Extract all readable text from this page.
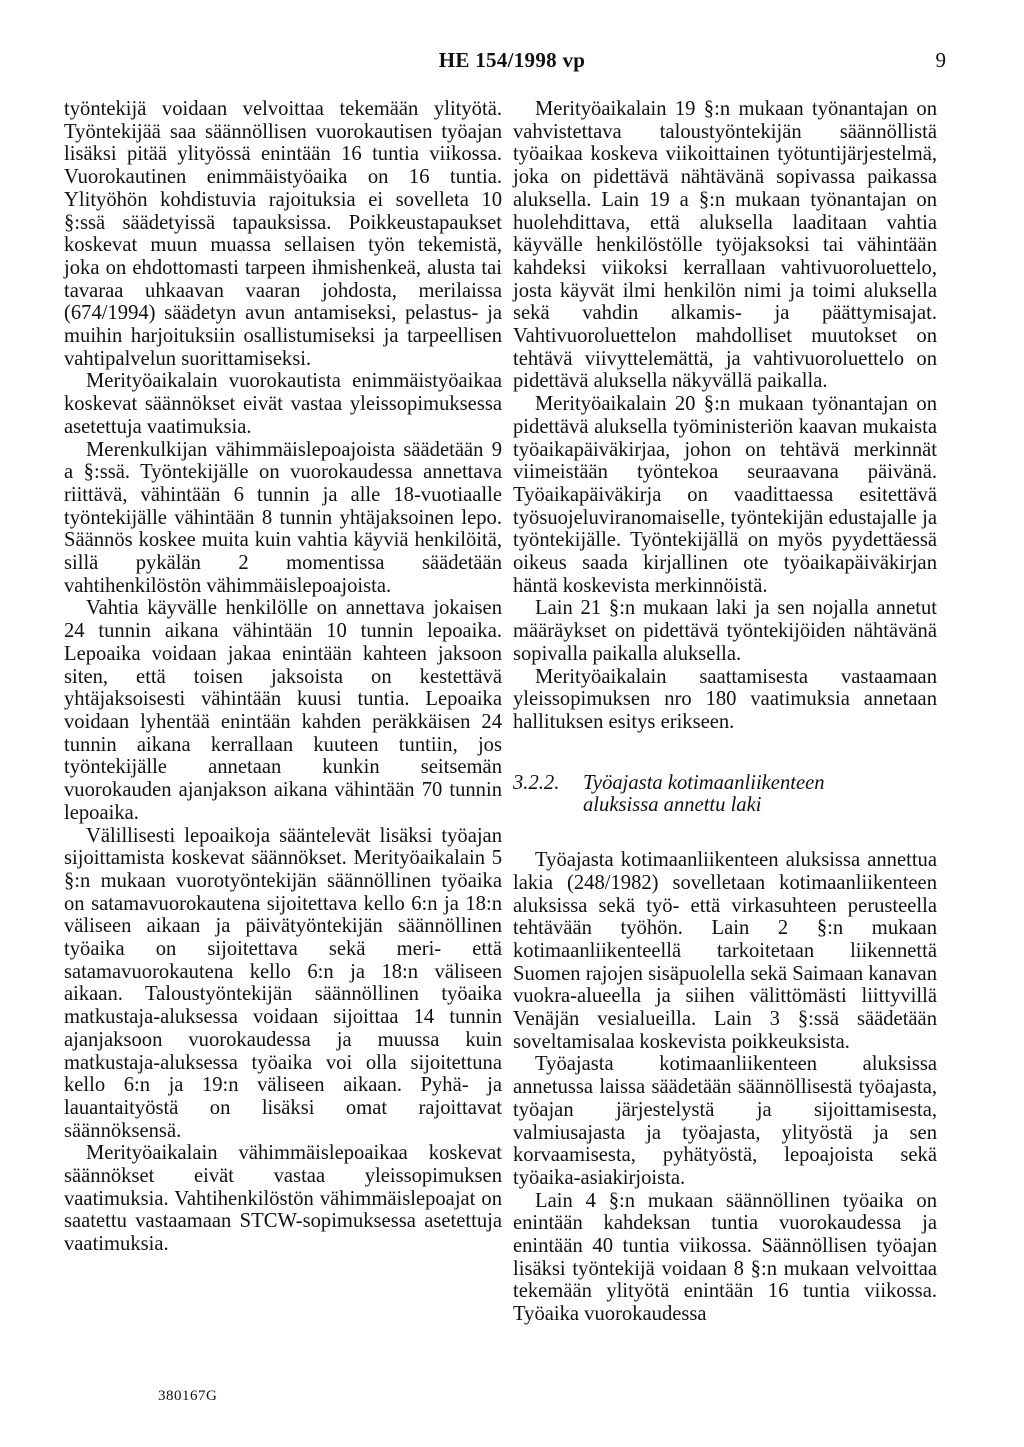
HE 154/1998 vp	9

työntekijä voidaan velvoittaa tekemään ylityötä. Työntekijää saa säännöllisen vuorokautisen työajan lisäksi pitää ylityössä enintään 16 tuntia viikossa. Vuorokautinen enimmäistyöaika on 16 tuntia. Ylityöhön kohdistuvia rajoituksia ei sovelleta 10 §:ssä säädetyissä tapauksissa. Poikkeustapaukset koskevat muun muassa sellaisen työn tekemistä, joka on ehdottomasti tarpeen ihmishenkeä, alusta tai tavaraa uhkaavan vaaran johdosta, merilaissa (674/1994) säädetyn avun antamiseksi, pelastus- ja muihin harjoituksiin osallistumiseksi ja tarpeellisen vahtipalvelun suorittamiseksi.

Merityöaikalain vuorokautista enimmäistyöaikaa koskevat säännökset eivät vastaa yleissopimuksessa asetettuja vaatimuksia.

Merenkulkijan vähimmäislepoajoista säädetään 9 a §:ssä. Työntekijälle on vuorokaudessa annettava riittävä, vähintään 6 tunnin ja alle 18-vuotiaalle työntekijälle vähintään 8 tunnin yhtäjaksoinen lepo. Säännös koskee muita kuin vahtia käyviä henkilöitä, sillä pykälän 2 momentissa säädetään vahtihenkilöstön vähimmäislepoajoista.

Vahtia käyvälle henkilölle on annettava jokaisen 24 tunnin aikana vähintään 10 tunnin lepoaika. Lepoaika voidaan jakaa enintään kahteen jaksoon siten, että toisen jaksoista on kestettävä yhtäjaksoisesti vähintään kuusi tuntia. Lepoaika voidaan lyhentää enintään kahden peräkkäisen 24 tunnin aikana kerrallaan kuuteen tuntiin, jos työntekijälle annetaan kunkin seitsemän vuorokauden ajanjakson aikana vähintään 70 tunnin lepoaika.

Välillisesti lepoaikoja sääntelevät lisäksi työajan sijoittamista koskevat säännökset. Merityöaikalain 5 §:n mukaan vuorotyöntekijän säännöllinen työaika on satamavuorokautena sijoitettava kello 6:n ja 18:n väliseen aikaan ja päivätyöntekijän säännöllinen työaika on sijoitettava sekä meri- että satamavuorokautena kello 6:n ja 18:n väliseen aikaan. Taloustyöntekijän säännöllinen työaika matkustaja-aluksessa voidaan sijoittaa 14 tunnin ajanjaksoon vuorokaudessa ja muussa kuin matkustaja-aluksessa työaika voi olla sijoitettuna kello 6:n ja 19:n väliseen aikaan. Pyhä- ja lauantaityöstä on lisäksi omat rajoittavat säännöksensä.

Merityöaikalain vähimmäislepoaikaa koskevat säännökset eivät vastaa yleissopimuksen vaatimuksia. Vahtihenkilöstön vähimmäislepoajat on saatettu vastaamaan STCW-sopimuksessa asetettuja vaatimuksia.

Merityöaikalain 19 §:n mukaan työnantajan on vahvistettava taloustyöntekijän säännöllistä työaikaa koskeva viikoittainen työtuntijärjestelmä, joka on pidettävä nähtävänä sopivassa paikassa aluksella. Lain 19 a §:n mukaan työnantajan on huolehdittava, että aluksella laaditaan vahtia käyvälle henkilöstölle työjaksoksi tai vähintään kahdeksi viikoksi kerrallaan vahtivuoroluettelo, josta käyvät ilmi henkilön nimi ja toimi aluksella sekä vahdin alkamis- ja päättymisajat. Vahtivuoroluettelon mahdolliset muutokset on tehtävä viivyttelemättä, ja vahtivuoroluettelo on pidettävä aluksella näkyvällä paikalla.

Merityöaikalain 20 §:n mukaan työnantajan on pidettävä aluksella työministeriön kaavan mukaista työaikapäiväkirjaa, johon on tehtävä merkinnät viimeistään työntekoa seuraavana päivänä. Työaikapäiväkirja on vaadittaessa esitettävä työsuojeluviranomaiselle, työntekijän edustajalle ja työntekijälle. Työntekijällä on myös pyydettäessä oikeus saada kirjallinen ote työaikapäiväkirjan häntä koskevista merkinnöistä.

Lain 21 §:n mukaan laki ja sen nojalla annetut määräykset on pidettävä työntekijöiden nähtävänä sopivalla paikalla aluksella.

Merityöaikalain saattamisesta vastaamaan yleissopimuksen nro 180 vaatimuksia annetaan hallituksen esitys erikseen.

3.2.2.	Työajasta kotimaanliikenteen aluksissa annettu laki

Työajasta kotimaanliikenteen aluksissa annettua lakia (248/1982) sovelletaan kotimaanliikenteen aluksissa sekä työ- että virkasuhteen perusteella tehtävään työhön. Lain 2 §:n mukaan kotimaanliikenteellä tarkoitetaan liikennettä Suomen rajojen sisäpuolella sekä Saimaan kanavan vuokra-alueella ja siihen välittömästi liittyvillä Venäjän vesialueilla. Lain 3 §:ssä säädetään soveltamisalaa koskevista poikkeuksista.

Työajasta kotimaanliikenteen aluksissa annetussa laissa säädetään säännöllisestä työajasta, työajan järjestelystä ja sijoittamisesta, valmiusajasta ja työajasta, ylityöstä ja sen korvaamisesta, pyhätyöstä, lepoajoista sekä työaika-asiakirjoista.

Lain 4 §:n mukaan säännöllinen työaika on enintään kahdeksan tuntia vuorokaudessa ja enintään 40 tuntia viikossa. Säännöllisen työajan lisäksi työntekijä voidaan 8 §:n mukaan velvoittaa tekemään ylityötä enintään 16 tuntia viikossa. Työaika vuorokaudessa

380167G
